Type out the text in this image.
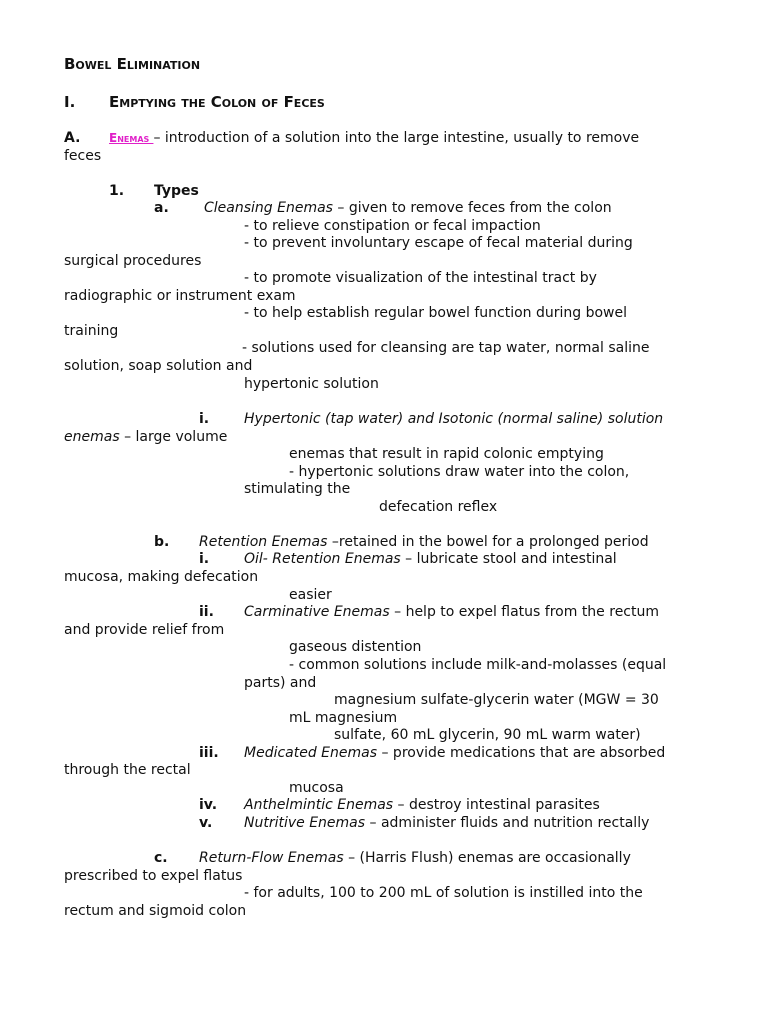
Bowel Elimination
I. Emptying the Colon of Feces
A. Enemas – introduction of a solution into the large intestine, usually to remove
feces
1. Types
a.	Cleansing Enemas – given to remove feces from the colon
- to relieve constipation or fecal impaction
- to prevent involuntary escape of fecal material during
surgical procedures
- to promote visualization of the intestinal tract by
radiographic or instrument exam
- to help establish regular bowel function during bowel
training
- solutions used for cleansing are tap water, normal saline
solution, soap solution and
hypertonic solution
i. Hypertonic (tap water) and Isotonic (normal saline) solution
enemas – large volume
enemas that result in rapid colonic emptying
- hypertonic solutions draw water into the colon,
stimulating the
defecation reflex
b. Retention Enemas –retained in the bowel for a prolonged period
i. Oil- Retention Enemas – lubricate stool and intestinal
mucosa, making defecation
easier
ii. Carminative Enemas – help to expel flatus from the rectum
and provide relief from
gaseous distention
- common solutions include milk-and-molasses (equal
parts) and
magnesium sulfate-glycerin water (MGW = 30
mL magnesium
sulfate, 60 mL glycerin, 90 mL warm water)
iii. Medicated Enemas – provide medications that are absorbed
through the rectal
mucosa
iv. Anthelmintic Enemas – destroy intestinal parasites
v. Nutritive Enemas – administer fluids and nutrition rectally
c. Return-Flow Enemas – (Harris Flush) enemas are occasionally
prescribed to expel flatus
- for adults, 100 to 200 mL of solution is instilled into the
rectum and sigmoid colon
